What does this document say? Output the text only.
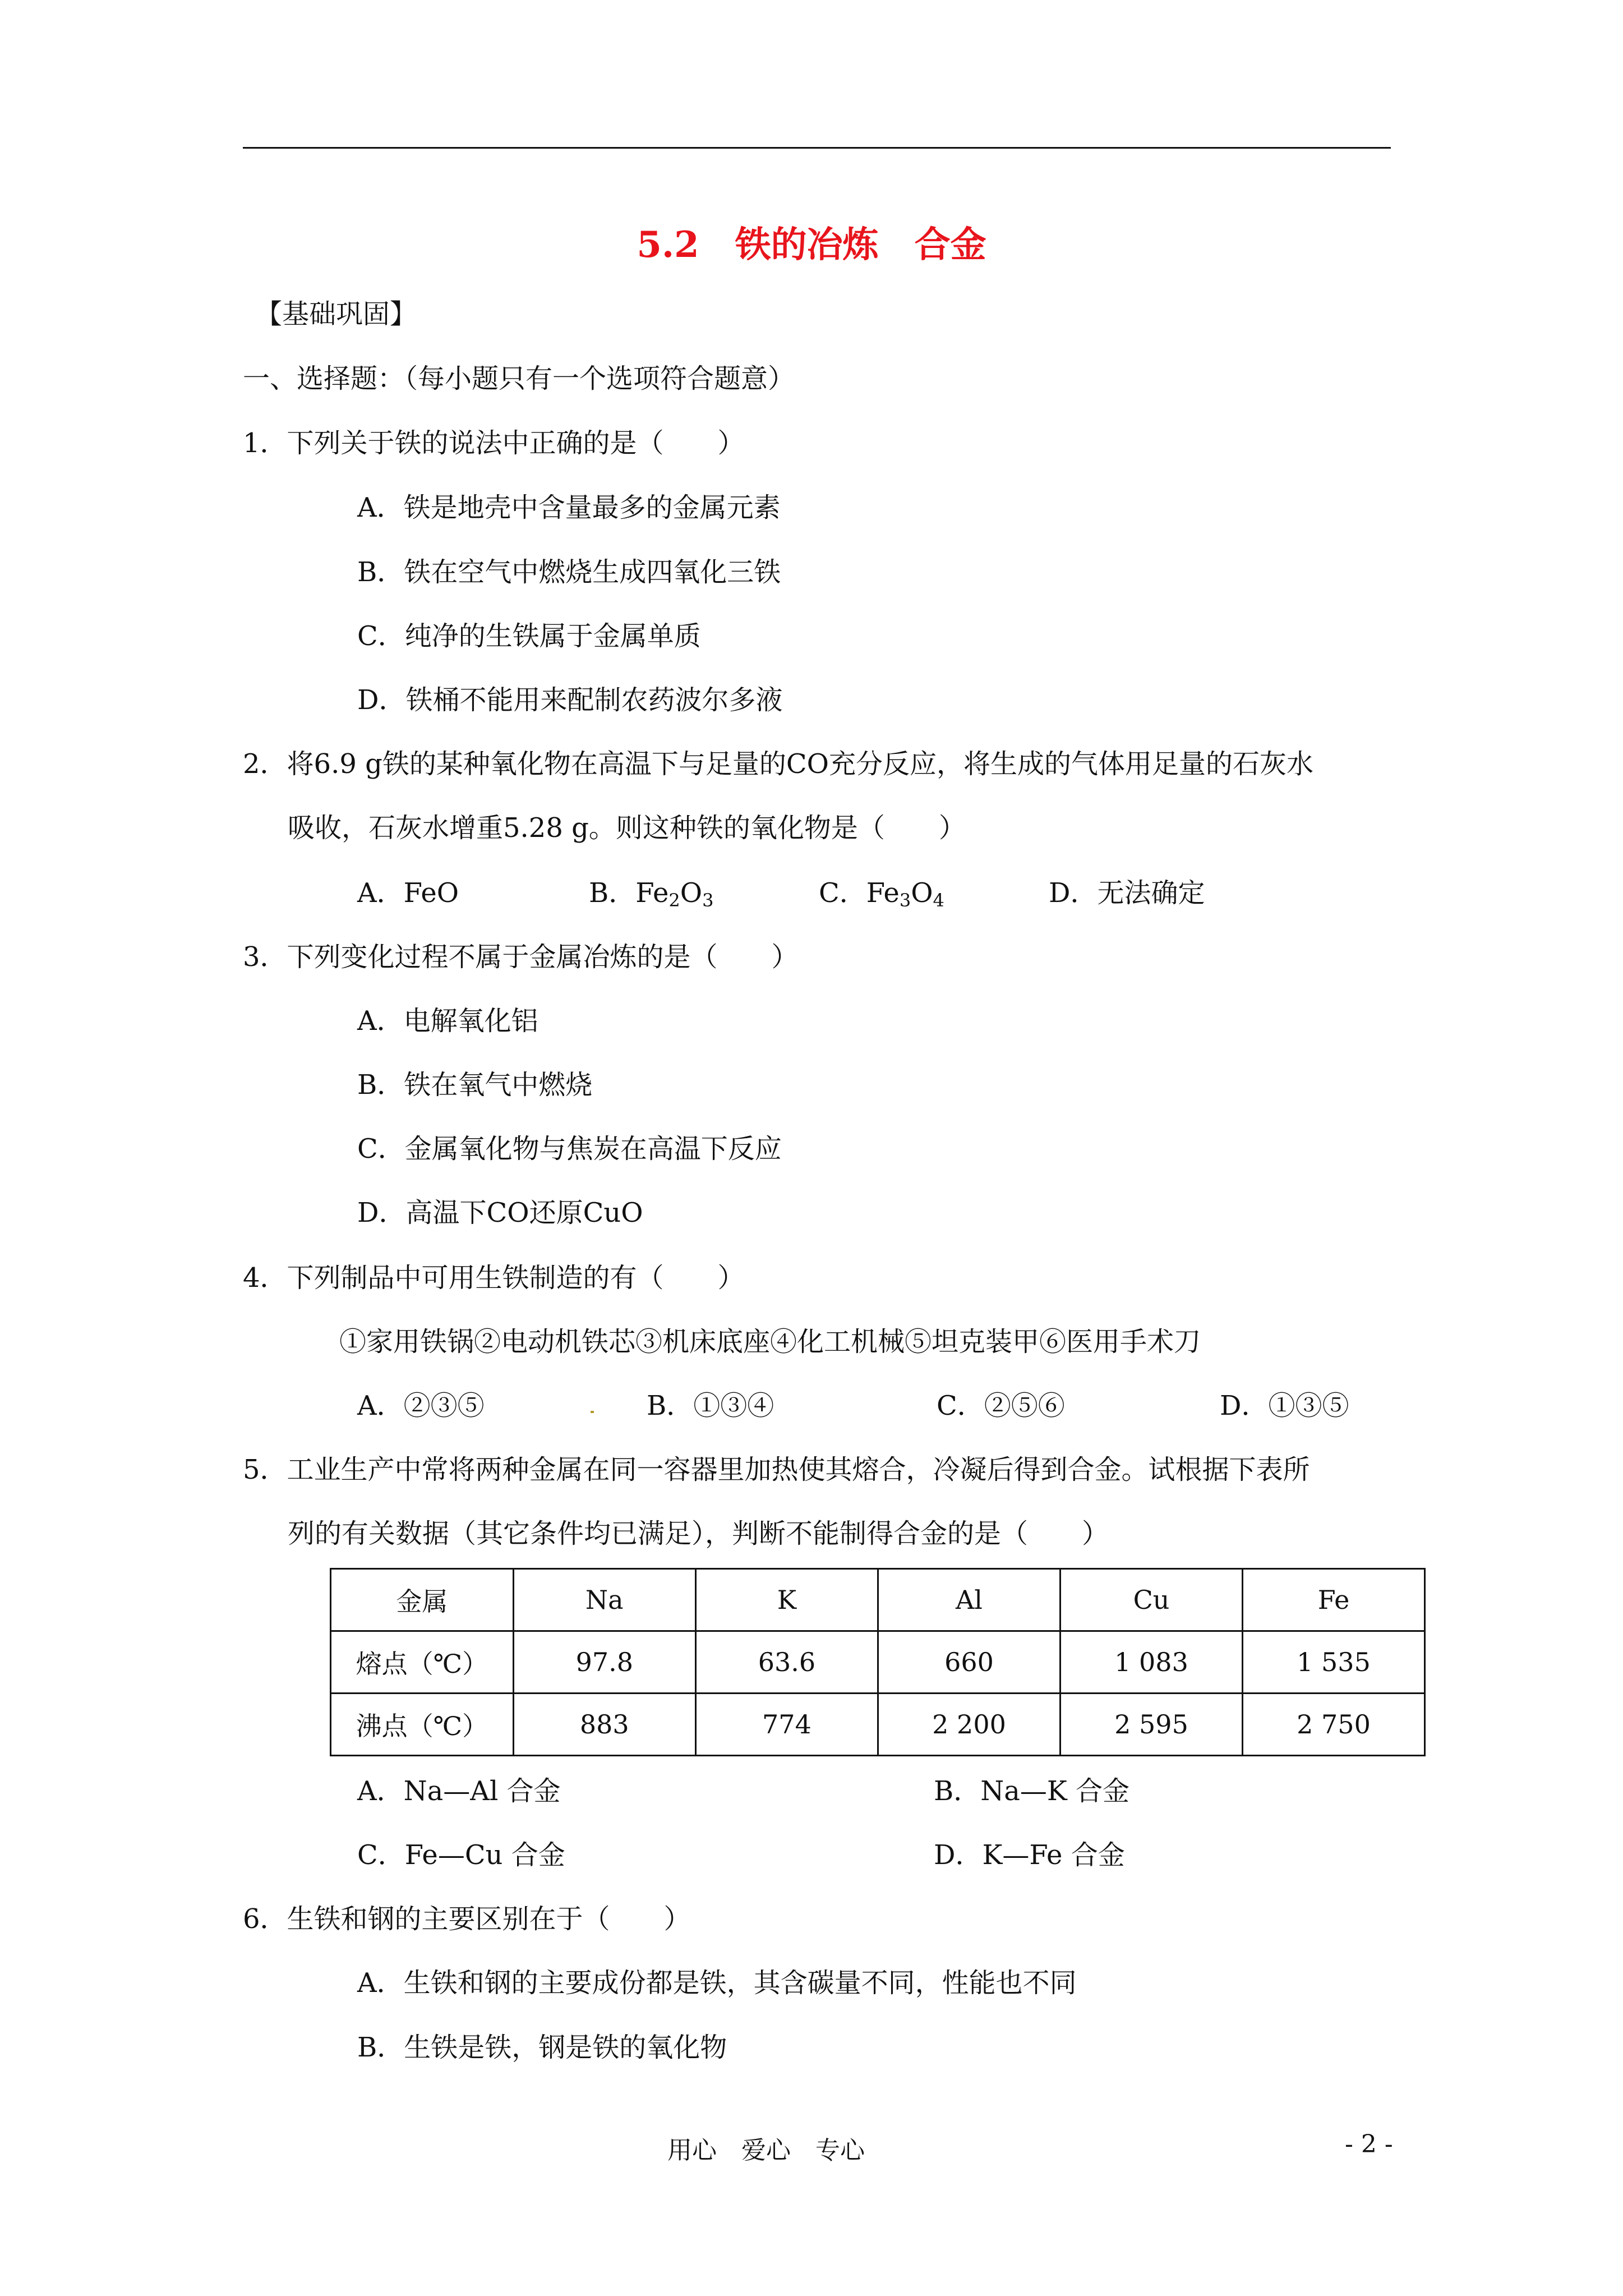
5.2　铁的冶炼　合金
【基础巩固】
一、选择题：（每小题只有一个选项符合题意）
1．下列关于铁的说法中正确的是（　　）
A．铁是地壳中含量最多的金属元素
B．铁在空气中燃烧生成四氧化三铁
C．纯净的生铁属于金属单质
D．铁桶不能用来配制农药波尔多液
2．将6.9 g铁的某种氧化物在高温下与足量的CO充分反应，将生成的气体用足量的石灰水
吸收，石灰水增重5.28 g。则这种铁的氧化物是（　　）
A．FeO	B．$Fe_2O_3$	C．$Fe_3O_4$	D．无法确定
3．下列变化过程不属于金属冶炼的是（　　）
A．电解氧化铝
B．铁在氧气中燃烧
C．金属氧化物与焦炭在高温下反应
D．高温下CO还原CuO
4．下列制品中可用生铁制造的有（　　）
①家用铁锅②电动机铁芯③机床底座④化工机械⑤坦克装甲⑥医用手术刀
A．②③⑤	B．①③④	C．②⑤⑥	D．①③⑤
5．工业生产中常将两种金属在同一容器里加热使其熔合，冷凝后得到合金。试根据下表所
列的有关数据（其它条件均已满足），判断不能制得合金的是（　　）
金属	Na	K	Al	Cu	Fe
熔点（℃）	97.8	63.6	660	1 083	1 535
沸点（℃）	883	774	2 200	2 595	2 750
A．Na—Al 合金	B．Na—K 合金
C．Fe—Cu 合金	D．K—Fe 合金
6．生铁和钢的主要区别在于（　　）
A．生铁和钢的主要成份都是铁，其含碳量不同，性能也不同
B．生铁是铁，钢是铁的氧化物
用心　爱心　专心	- 2 -
